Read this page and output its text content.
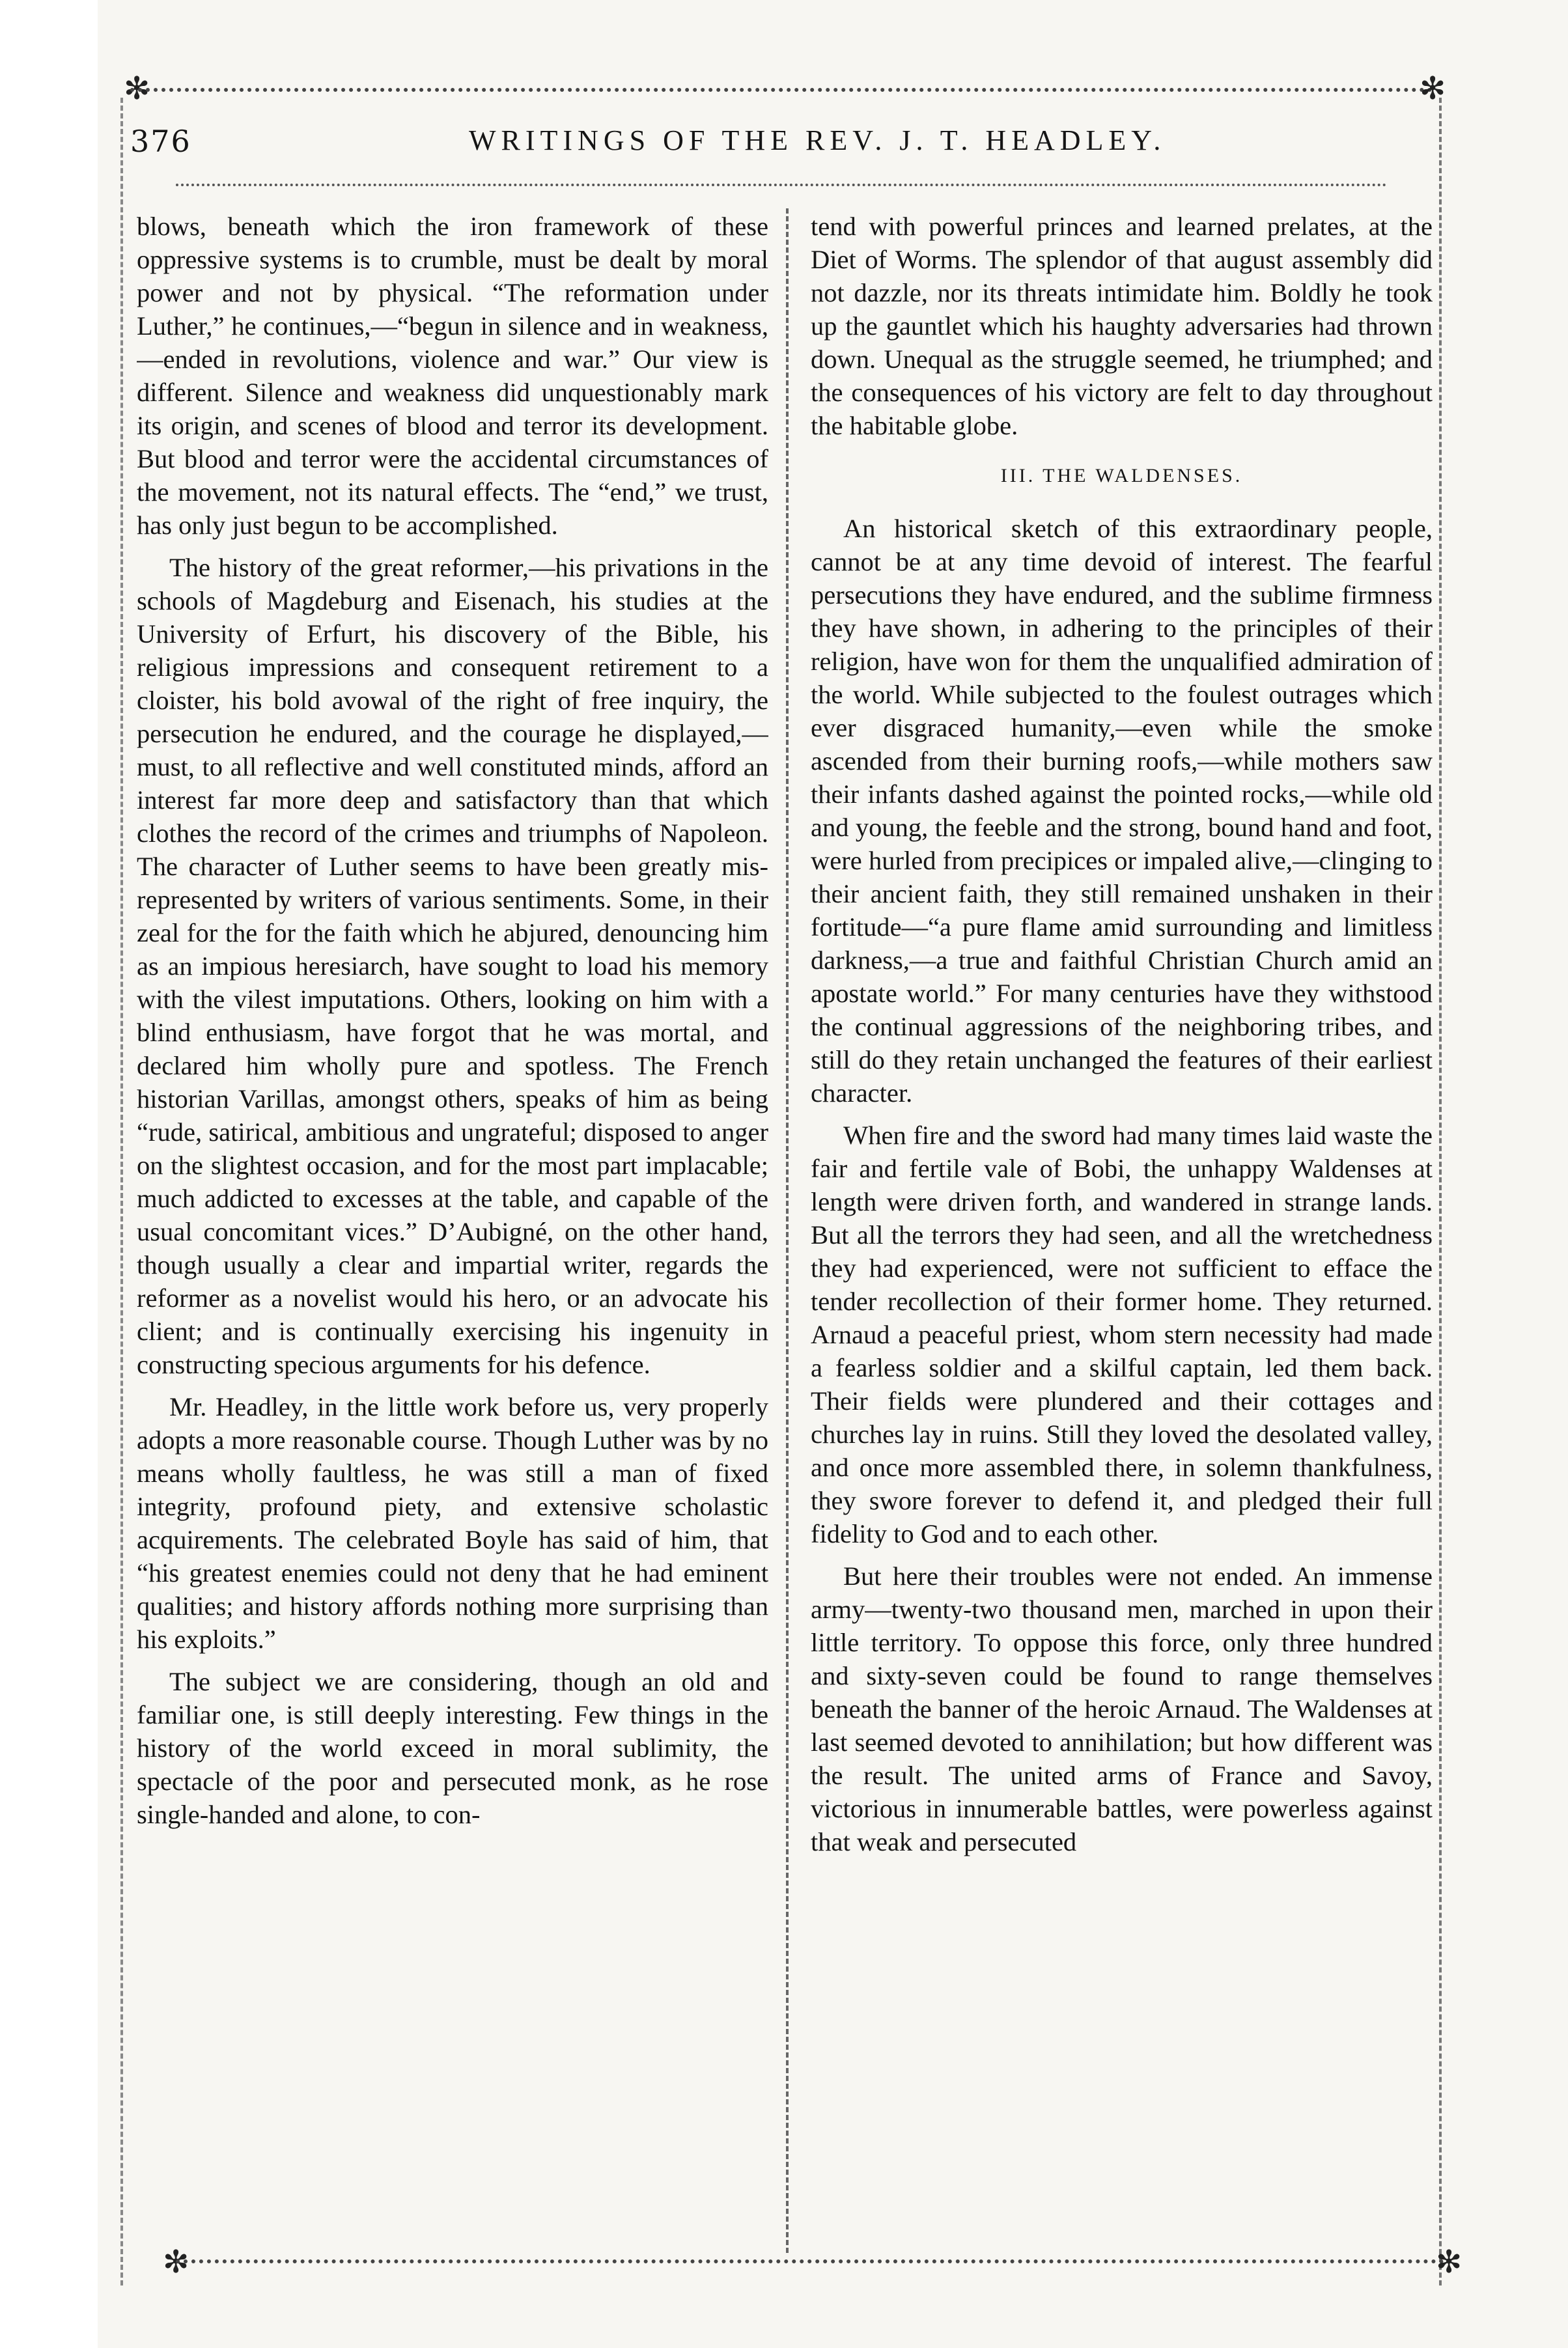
✻	✻
376	WRITINGS OF THE REV. J. T. HEADLEY.

blows, beneath which the iron framework of these oppressive systems is to crumble, must be dealt by moral power and not by physical. “The reformation under Luther,” he continues,—“begun in silence and in weakness,—ended in revolutions, violence and war.” Our view is different. Silence and weakness did unquestionably mark its origin, and scenes of blood and terror its development. But blood and terror were the accidental circumstances of the movement, not its natural effects. The “end,” we trust, has only just begun to be accomplished.

The history of the great reformer,—his privations in the schools of Magdeburg and Eisenach, his studies at the University of Erfurt, his discovery of the Bible, his religious impressions and consequent retirement to a cloister, his bold avowal of the right of free inquiry, the persecution he endured, and the courage he displayed,—must, to all reflective and well constituted minds, afford an interest far more deep and satisfactory than that which clothes the record of the crimes and triumphs of Napoleon. The character of Luther seems to have been greatly mis-represented by writers of various sentiments. Some, in their zeal for the for the faith which he abjured, denouncing him as an impious heresiarch, have sought to load his memory with the vilest imputations. Others, looking on him with a blind enthusiasm, have forgot that he was mortal, and declared him wholly pure and spotless. The French historian Varillas, amongst others, speaks of him as being “rude, satirical, ambitious and ungrateful; disposed to anger on the slightest occasion, and for the most part implacable; much addicted to excesses at the table, and capable of the usual concomitant vices.” D’Aubigné, on the other hand, though usually a clear and impartial writer, regards the reformer as a novelist would his hero, or an advocate his client; and is continually exercising his ingenuity in constructing specious arguments for his defence.

Mr. Headley, in the little work before us, very properly adopts a more reasonable course. Though Luther was by no means wholly faultless, he was still a man of fixed integrity, profound piety, and extensive scholastic acquirements. The celebrated Boyle has said of him, that “his greatest enemies could not deny that he had eminent qualities; and history affords nothing more surprising than his exploits.”

The subject we are considering, though an old and familiar one, is still deeply interesting. Few things in the history of the world exceed in moral sublimity, the spectacle of the poor and persecuted monk, as he rose single-handed and alone, to con-

tend with powerful princes and learned prelates, at the Diet of Worms. The splendor of that august assembly did not dazzle, nor its threats intimidate him. Boldly he took up the gauntlet which his haughty adversaries had thrown down. Unequal as the struggle seemed, he triumphed; and the consequences of his victory are felt to day throughout the habitable globe.

III. THE WALDENSES.

An historical sketch of this extraordinary people, cannot be at any time devoid of interest. The fearful persecutions they have endured, and the sublime firmness they have shown, in adhering to the principles of their religion, have won for them the unqualified admiration of the world. While subjected to the foulest outrages which ever disgraced humanity,—even while the smoke ascended from their burning roofs,—while mothers saw their infants dashed against the pointed rocks,—while old and young, the feeble and the strong, bound hand and foot, were hurled from precipices or impaled alive,—clinging to their ancient faith, they still remained unshaken in their fortitude—“a pure flame amid surrounding and limitless darkness,—a true and faithful Christian Church amid an apostate world.” For many centuries have they withstood the continual aggressions of the neighboring tribes, and still do they retain unchanged the features of their earliest character.

When fire and the sword had many times laid waste the fair and fertile vale of Bobi, the unhappy Waldenses at length were driven forth, and wandered in strange lands. But all the terrors they had seen, and all the wretchedness they had experienced, were not sufficient to efface the tender recollection of their former home. They returned. Arnaud a peaceful priest, whom stern necessity had made a fearless soldier and a skilful captain, led them back. Their fields were plundered and their cottages and churches lay in ruins. Still they loved the desolated valley, and once more assembled there, in solemn thankfulness, they swore forever to defend it, and pledged their full fidelity to God and to each other.

But here their troubles were not ended. An immense army—twenty-two thousand men, marched in upon their little territory. To oppose this force, only three hundred and sixty-seven could be found to range themselves beneath the banner of the heroic Arnaud. The Waldenses at last seemed devoted to annihilation; but how different was the result. The united arms of France and Savoy, victorious in innumerable battles, were powerless against that weak and persecuted

✻	✻
